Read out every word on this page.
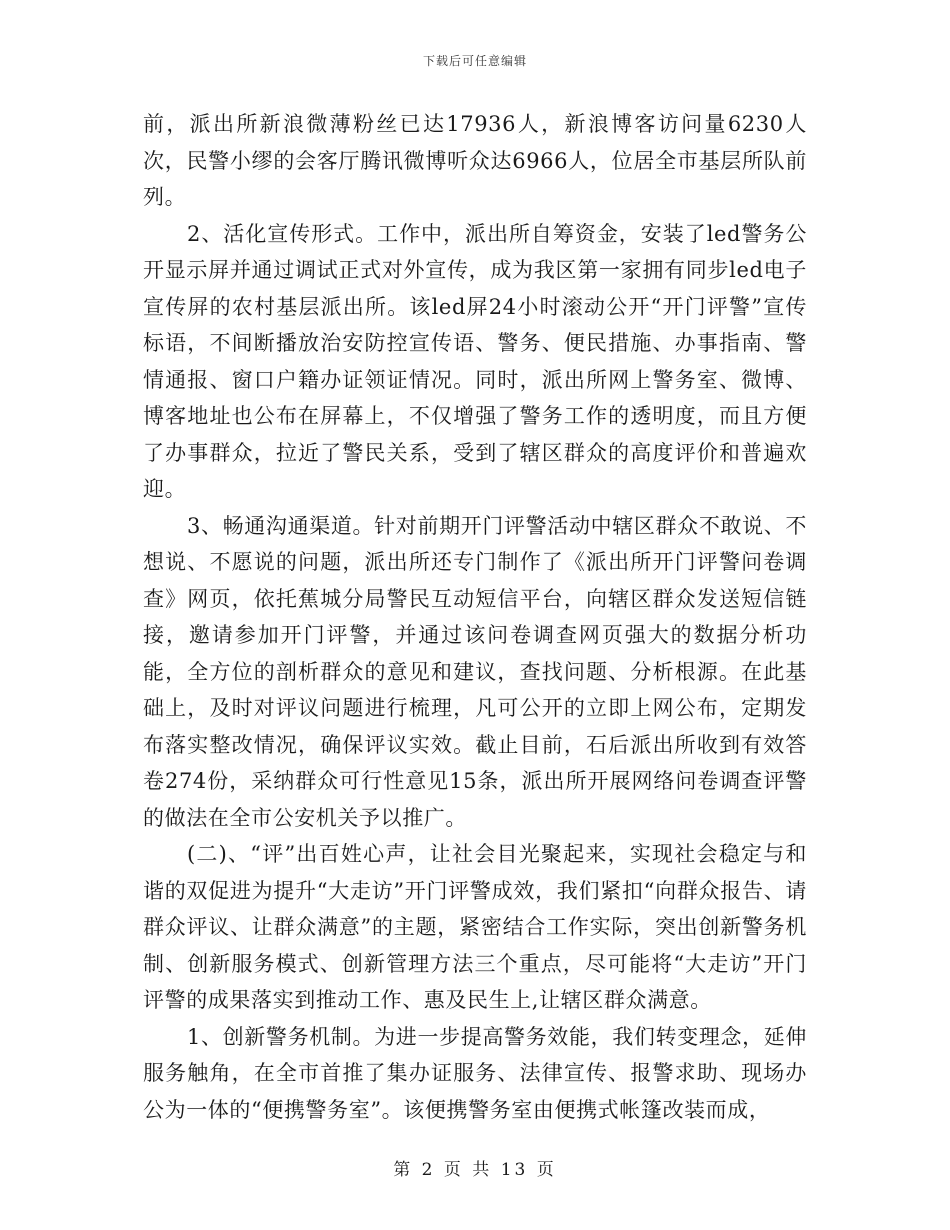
下载后可任意编辑

前，派出所新浪微薄粉丝已达17936人，新浪博客访问量6230人次，民警小缪的会客厅腾讯微博听众达6966人，位居全市基层所队前列。

2、活化宣传形式。工作中，派出所自筹资金，安装了led警务公开显示屏并通过调试正式对外宣传，成为我区第一家拥有同步led电子宣传屏的农村基层派出所。该led屏24小时滚动公开“开门评警”宣传标语，不间断播放治安防控宣传语、警务、便民措施、办事指南、警情通报、窗口户籍办证领证情况。同时，派出所网上警务室、微博、博客地址也公布在屏幕上，不仅增强了警务工作的透明度，而且方便了办事群众，拉近了警民关系，受到了辖区群众的高度评价和普遍欢迎。

3、畅通沟通渠道。针对前期开门评警活动中辖区群众不敢说、不想说、不愿说的问题，派出所还专门制作了《派出所开门评警问卷调查》网页，依托蕉城分局警民互动短信平台，向辖区群众发送短信链接，邀请参加开门评警，并通过该问卷调查网页强大的数据分析功能，全方位的剖析群众的意见和建议，查找问题、分析根源。在此基础上，及时对评议问题进行梳理，凡可公开的立即上网公布，定期发布落实整改情况，确保评议实效。截止目前，石后派出所收到有效答卷274份，采纳群众可行性意见15条，派出所开展网络问卷调查评警的做法在全市公安机关予以推广。

(二)、“评”出百姓心声，让社会目光聚起来，实现社会稳定与和谐的双促进为提升“大走访”开门评警成效，我们紧扣“向群众报告、请群众评议、让群众满意”的主题，紧密结合工作实际，突出创新警务机制、创新服务模式、创新管理方法三个重点，尽可能将“大走访”开门评警的成果落实到推动工作、惠及民生上,让辖区群众满意。

1、创新警务机制。为进一步提高警务效能，我们转变理念，延伸服务触角，在全市首推了集办证服务、法律宣传、报警求助、现场办公为一体的“便携警务室”。该便携警务室由便携式帐篷改装而成，

第 2 页 共 13 页
